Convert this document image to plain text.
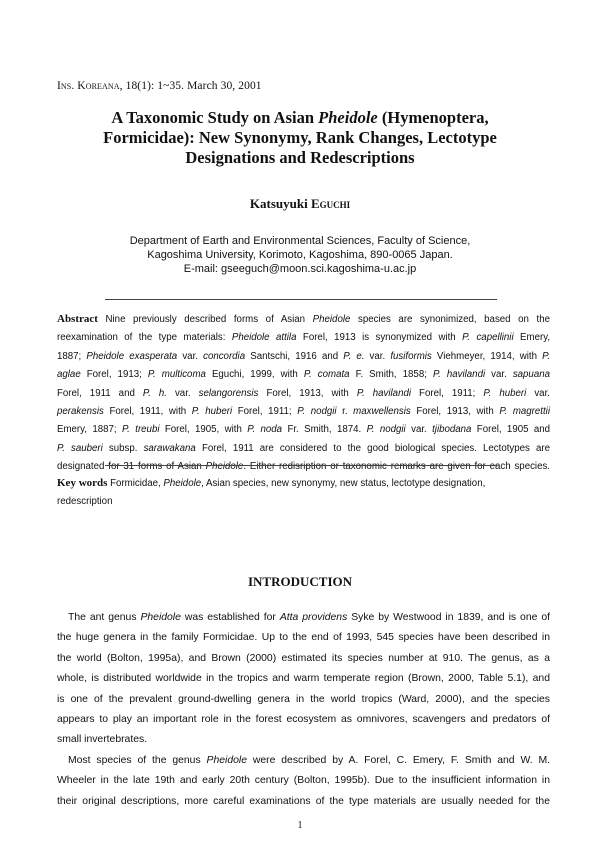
Ins. Koreana, 18(1): 1~35. March 30, 2001
A Taxonomic Study on Asian Pheidole (Hymenoptera,
Formicidae): New Synonymy, Rank Changes, Lectotype
Designations and Redescriptions
Katsuyuki Eguchi
Department of Earth and Environmental Sciences, Faculty of Science,
Kagoshima University, Korimoto, Kagoshima, 890-0065 Japan.
E-mail: gseeguch@moon.sci.kagoshima-u.ac.jp
Abstract Nine previously described forms of Asian Pheidole species are synonimized, based on the
reexamination of the type materials: Pheidole attila Forel, 1913 is synonymized with P. capellinii Emery,
1887; Pheidole exasperata var. concordia Santschi, 1916 and P. e. var. fusiformis Viehmeyer, 1914, with P.
aglae Forel, 1913; P. multicoma Eguchi, 1999, with P. comata F. Smith, 1858; P. havilandi var. sapuana
Forel, 1911 and P. h. var. selangorensis Forel, 1913, with P. havilandi Forel, 1911; P. huberi var.
perakensis Forel, 1911, with P. huberi Forel, 1911; P. nodgii r. maxwellensis Forel, 1913, with P. magrettii
Emery, 1887; P. treubi Forel, 1905, with P. noda Fr. Smith, 1874. P. nodgii var. tjibodana Forel, 1905 and
P. sauberi subsp. sarawakana Forel, 1911 are considered to the good biological species. Lectotypes are
designated for 31 forms of Asian Pheidole. Either redisription or taxonomic remarks are given for each species.
Key words Formicidae, Pheidole, Asian species, new synonymy, new status, lectotype designation,
redescription
INTRODUCTION
The ant genus Pheidole was established for Atta providens Syke by Westwood in 1839, and is one of
the huge genera in the family Formicidae. Up to the end of 1993, 545 species have been described in
the world (Bolton, 1995a), and Brown (2000) estimated its species number at 910. The genus, as a
whole, is distributed worldwide in the tropics and warm temperate region (Brown, 2000, Table 5.1), and
is one of the prevalent ground-dwelling genera in the world tropics (Ward, 2000), and the species
appears to play an important role in the forest ecosystem as omnivores, scavengers and predators of
small invertebrates.
Most species of the genus Pheidole were described by A. Forel, C. Emery, F. Smith and W. M.
Wheeler in the late 19th and early 20th century (Bolton, 1995b). Due to the insufficient information in
their original descriptions, more careful examinations of the type materials are usually needed for the
1
